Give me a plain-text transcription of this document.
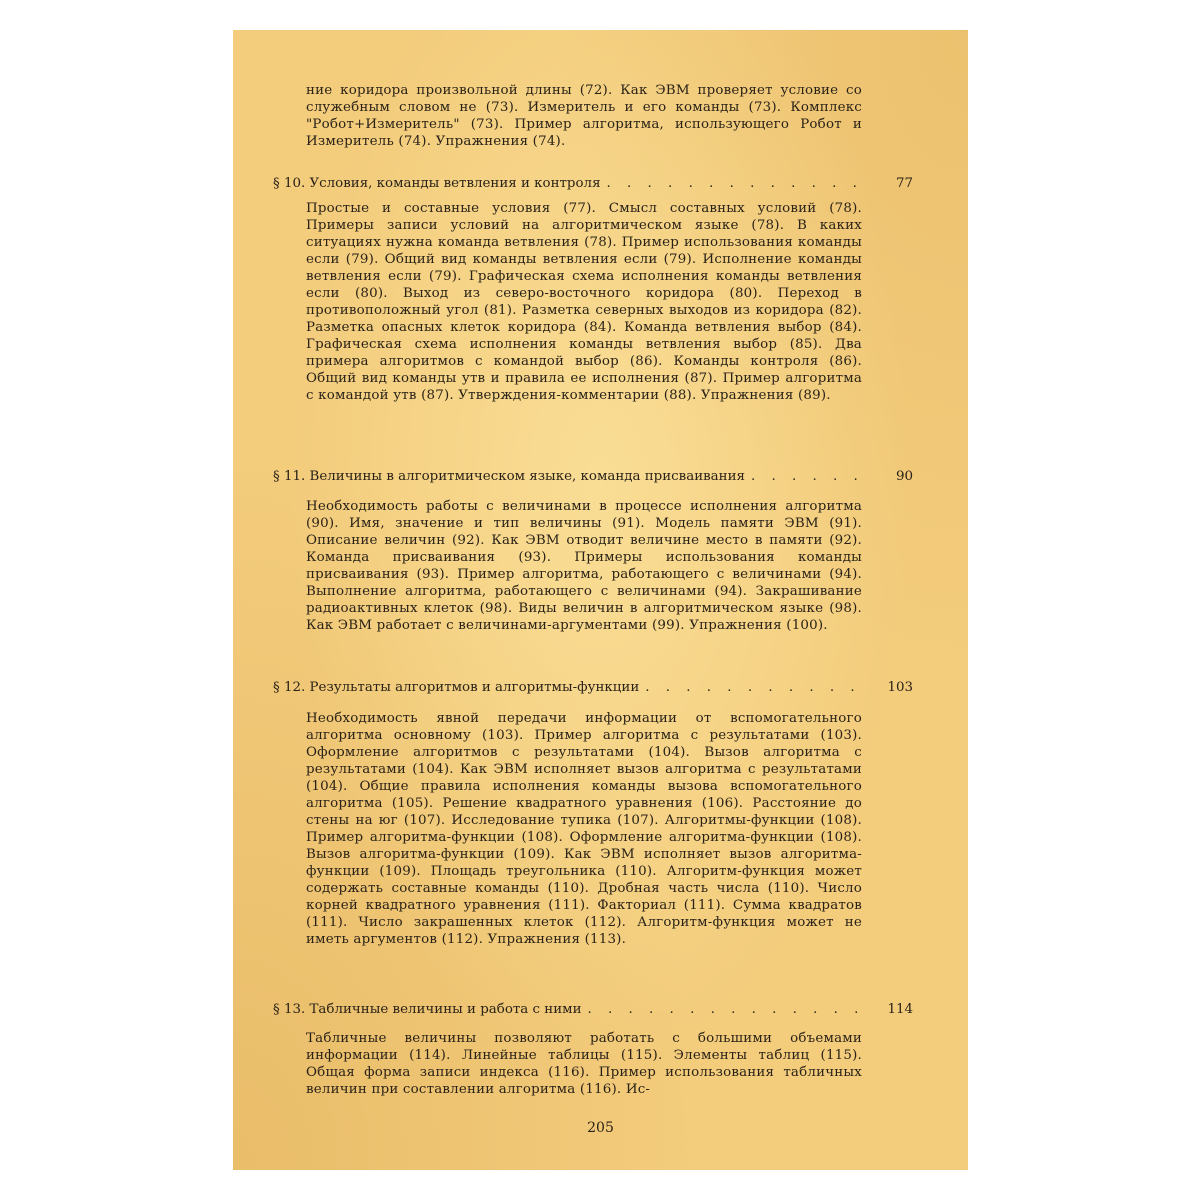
ние коридора произвольной длины (72). Как ЭВМ проверяет условие со служебным словом не (73). Измеритель и его команды (73). Комплекс "Робот+Измеритель" (73). Пример алгоритма, использующего Робот и Измеритель (74). Упражнения (74).
§ 10. Условия, команды ветвления и контроля . . .	77
Простые и составные условия (77). Смысл составных условий (78). Примеры записи условий на алгоритмическом языке (78). В каких ситуациях нужна команда ветвления (78). Пример использования команды если (79). Общий вид команды ветвления если (79). Исполнение команды ветвления если (79). Графическая схема исполнения команды ветвления если (80). Выход из северо-восточного коридора (80). Переход в противоположный угол (81). Разметка северных выходов из коридора (82). Разметка опасных клеток коридора (84). Команда ветвления выбор (84). Графическая схема исполнения команды ветвления выбор (85). Два примера алгоритмов с командой выбор (86). Команды контроля (86). Общий вид команды утв и правила ее исполнения (87). Пример алгоритма с командой утв (87). Утверждения-комментарии (88). Упражнения (89).
§ 11. Величины в алгоритмическом языке, команда присваивания . . .	90
Необходимость работы с величинами в процессе исполнения алгоритма (90). Имя, значение и тип величины (91). Модель памяти ЭВМ (91). Описание величин (92). Как ЭВМ отводит величине место в памяти (92). Команда присваивания (93). Примеры использования команды присваивания (93). Пример алгоритма, работающего с величинами (94). Выполнение алгоритма, работающего с величинами (94). Закрашивание радиоактивных клеток (98). Виды величин в алгоритмическом языке (98). Как ЭВМ работает с величинами-аргументами (99). Упражнения (100).
§ 12. Результаты алгоритмов и алгоритмы-функции . . .	103
Необходимость явной передачи информации от вспомогательного алгоритма основному (103). Пример алгоритма с результатами (103). Оформление алгоритмов с результатами (104). Вызов алгоритма с результатами (104). Как ЭВМ исполняет вызов алгоритма с результатами (104). Общие правила исполнения команды вызова вспомогательного алгоритма (105). Решение квадратного уравнения (106). Расстояние до стены на юг (107). Исследование тупика (107). Алгоритмы-функции (108). Пример алгоритма-функции (108). Оформление алгоритма-функции (108). Вызов алгоритма-функции (109). Как ЭВМ исполняет вызов алгоритма-функции (109). Площадь треугольника (110). Алгоритм-функция может содержать составные команды (110). Дробная часть числа (110). Число корней квадратного уравнения (111). Факториал (111). Сумма квадратов (111). Число закрашенных клеток (112). Алгоритм-функция может не иметь аргументов (112). Упражнения (113).
§ 13. Табличные величины и работа с ними . . .	114
Табличные величины позволяют работать с большими объемами информации (114). Линейные таблицы (115). Элементы таблиц (115). Общая форма записи индекса (116). Пример использования табличных величин при составлении алгоритма (116). Ис-
205
